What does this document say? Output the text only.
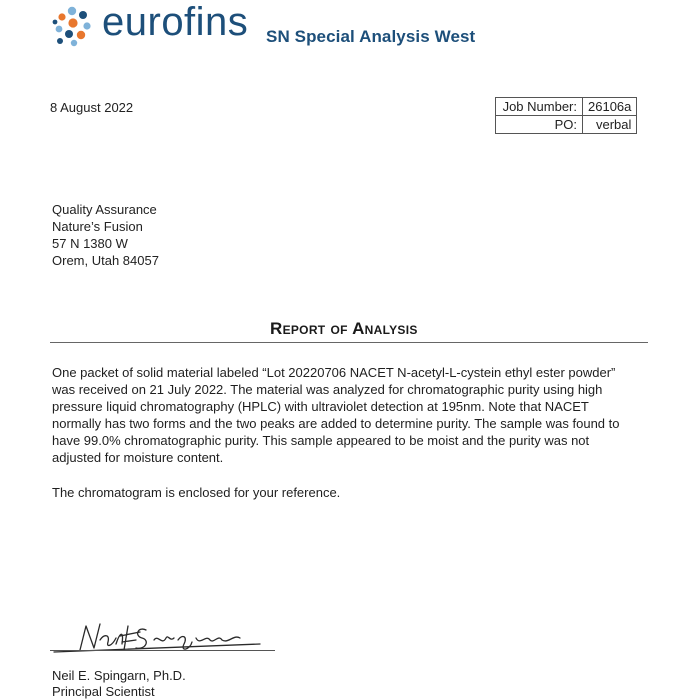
eurofins SN Special Analysis West
8 August 2022	Job Number:	26106a
PO:	verbal
Quality Assurance
Nature’s Fusion
57 N 1380 W
Orem, Utah 84057
Report of Analysis
One packet of solid material labeled “Lot 20220706 NACET N-acetyl-L-cystein ethyl ester powder”
was received on 21 July 2022. The material was analyzed for chromatographic purity using high
pressure liquid chromatography (HPLC) with ultraviolet detection at 195nm. Note that NACET
normally has two forms and the two peaks are added to determine purity. The sample was found to
have 99.0% chromatographic purity. This sample appeared to be moist and the purity was not
adjusted for moisture content.
The chromatogram is enclosed for your reference.
Neil E. Spingarn, Ph.D.
Principal Scientist
